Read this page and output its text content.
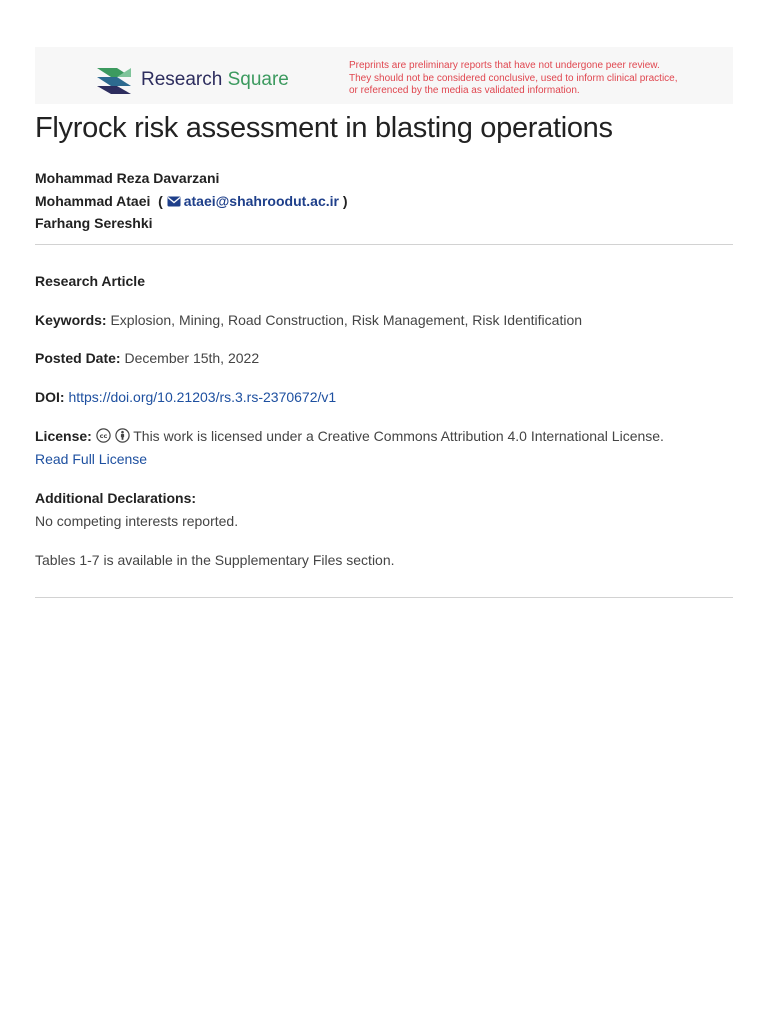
Research Square
Preprints are preliminary reports that have not undergone peer review.
They should not be considered conclusive, used to inform clinical practice,
or referenced by the media as validated information.
Flyrock risk assessment in blasting operations
Mohammad Reza Davarzani
Mohammad Ataei ( ataei@shahroodut.ac.ir )
Farhang Sereshki
Research Article
Keywords: Explosion, Mining, Road Construction, Risk Management, Risk Identification
Posted Date: December 15th, 2022
DOI: https://doi.org/10.21203/rs.3.rs-2370672/v1
License: cc This work is licensed under a Creative Commons Attribution 4.0 International License.
Read Full License
Additional Declarations:
No competing interests reported.
Tables 1-7 is available in the Supplementary Files section.
